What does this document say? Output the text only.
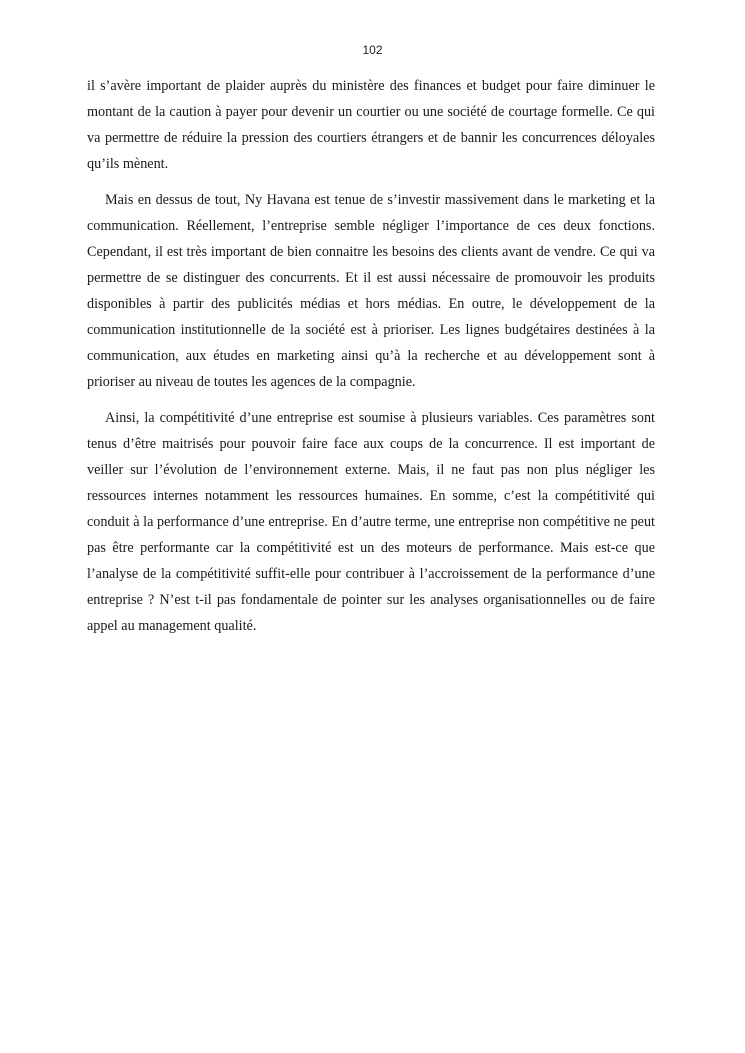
102

il s’avère important de plaider auprès du ministère des finances et budget pour faire diminuer le montant de la caution à payer pour devenir un courtier ou une société de courtage formelle. Ce qui va permettre de réduire la pression des courtiers étrangers et de bannir les concurrences déloyales qu’ils mènent.

Mais en dessus de tout, Ny Havana est tenue de s’investir massivement dans le marketing et la communication. Réellement, l’entreprise semble négliger l’importance de ces deux fonctions. Cependant, il est très important de bien connaitre les besoins des clients avant de vendre. Ce qui va permettre de se distinguer des concurrents. Et il est aussi nécessaire de promouvoir les produits disponibles à partir des publicités médias et hors médias. En outre, le développement de la communication institutionnelle de la société est à prioriser. Les lignes budgétaires destinées à la communication, aux études en marketing ainsi qu’à la recherche et au développement sont à prioriser au niveau de toutes les agences de la compagnie.

Ainsi, la compétitivité d’une entreprise est soumise à plusieurs variables. Ces paramètres sont tenus d’être maitrisés pour pouvoir faire face aux coups de la concurrence. Il est important de veiller sur l’évolution de l’environnement externe. Mais, il ne faut pas non plus négliger les ressources internes notamment les ressources humaines. En somme, c’est la compétitivité qui conduit à la performance d’une entreprise. En d’autre terme, une entreprise non compétitive ne peut pas être performante car la compétitivité est un des moteurs de performance. Mais est-ce que l’analyse de la compétitivité suffit-elle pour contribuer à l’accroissement de la performance d’une entreprise ? N’est t-il pas fondamentale de pointer sur les analyses organisationnelles ou de faire appel au management qualité.
